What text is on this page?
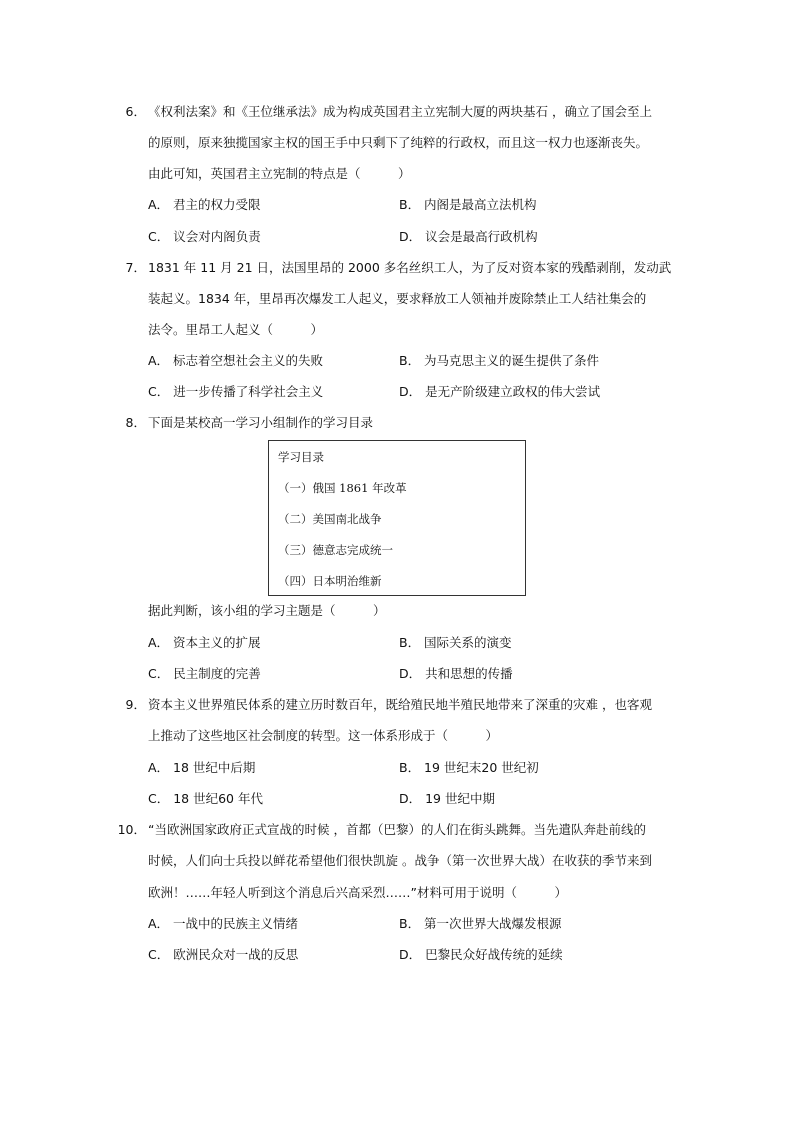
6． 《权利法案》和《王位继承法》成为构成英国君主立宪制大厦的两块基石 ，确立了国会至上
的原则，原来独揽国家主权的国王手中只剩下了纯粹的行政权，而且这一权力也逐渐丧失。
由此可知，英国君主立宪制的特点是（　　　）
A． 君主的权力受限	B． 内阁是最高立法机构
C． 议会对内阁负责	D． 议会是最高行政机构
7． 1831 年 11 月 21 日，法国里昂的 2000 多名丝织工人，为了反对资本家的残酷剥削，发动武
装起义。1834 年，里昂再次爆发工人起义，要求释放工人领袖并废除禁止工人结社集会的
法令。里昂工人起义（　　　）
A． 标志着空想社会主义的失败	B． 为马克思主义的诞生提供了条件
C． 进一步传播了科学社会主义	D． 是无产阶级建立政权的伟大尝试
8． 下面是某校高一学习小组制作的学习目录
学习目录
（一）俄国 1861 年改革
（二）美国南北战争
（三）德意志完成统一
（四）日本明治维新
据此判断，该小组的学习主题是（　　　）
A． 资本主义的扩展	B． 国际关系的演变
C． 民主制度的完善	D． 共和思想的传播
9． 资本主义世界殖民体系的建立历时数百年，既给殖民地半殖民地带来了深重的灾难 ，也客观
上推动了这些地区社会制度的转型。这一体系形成于（　　　）
A． 18 世纪中后期	B． 19 世纪末20 世纪初
C． 18 世纪60 年代	D． 19 世纪中期
10． “当欧洲国家政府正式宣战的时候 ，首都（巴黎）的人们在街头跳舞。当先遣队奔赴前线的
时候，人们向士兵投以鲜花希望他们很快凯旋 。战争（第一次世界大战）在收获的季节来到
欧洲！……年轻人听到这个消息后兴高采烈……”材料可用于说明（　　　）
A． 一战中的民族主义情绪	B． 第一次世界大战爆发根源
C． 欧洲民众对一战的反思	D． 巴黎民众好战传统的延续
